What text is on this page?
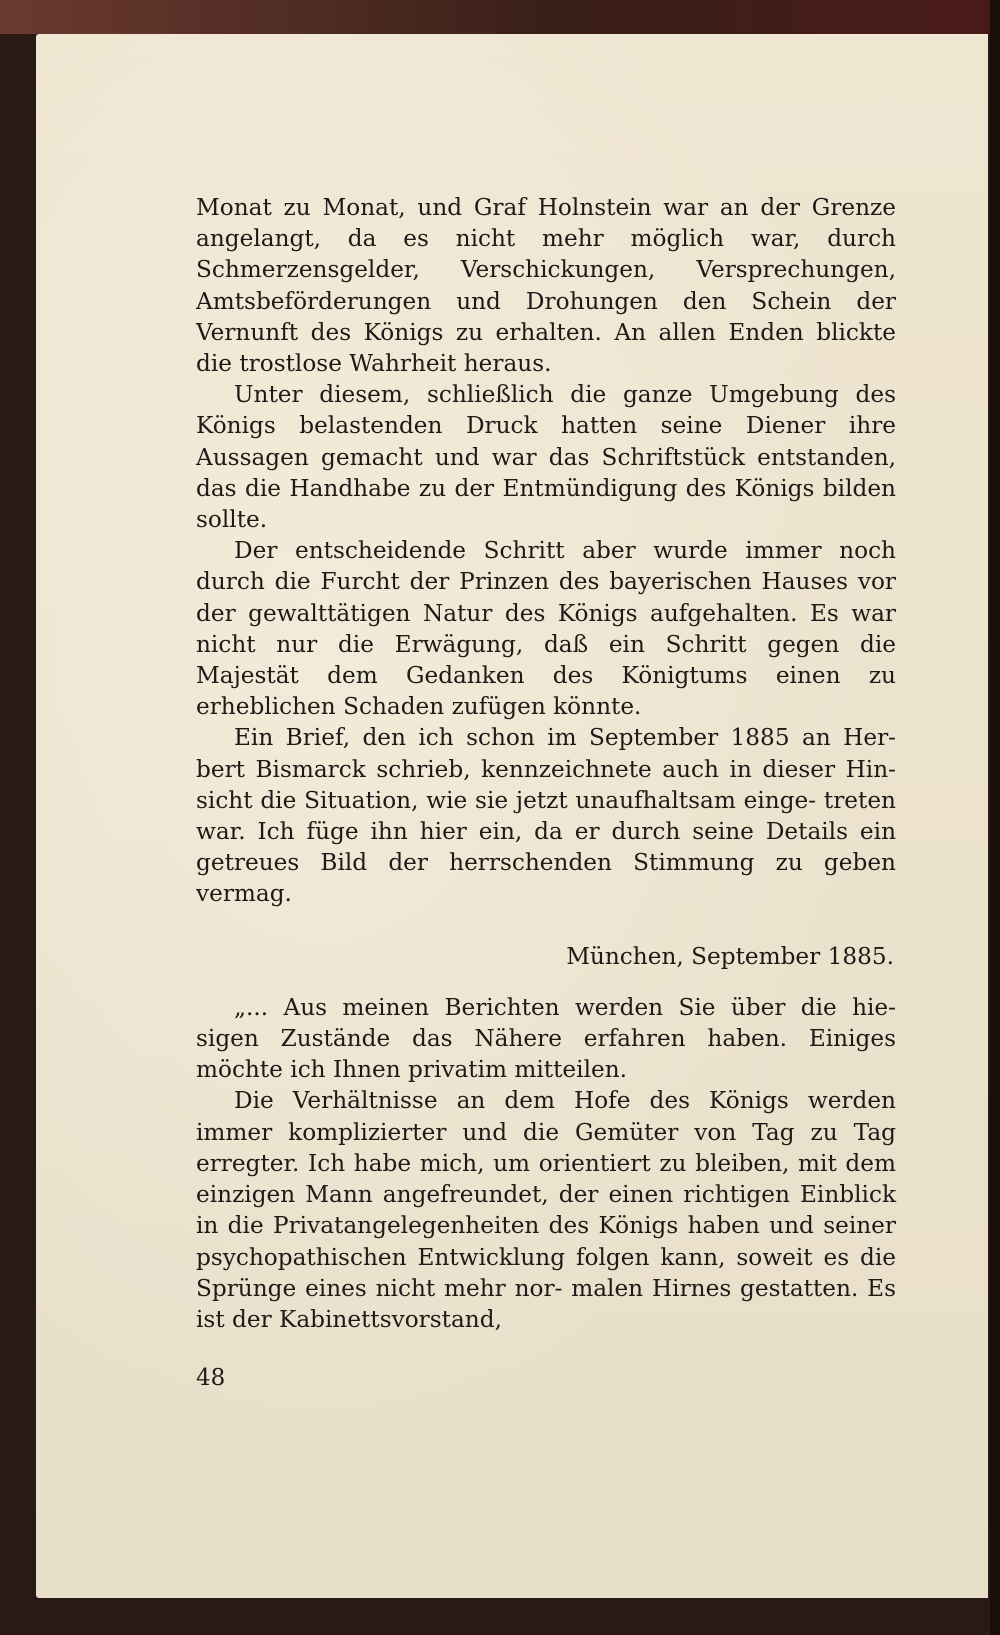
Monat zu Monat, und Graf Holnstein war an der Grenze angelangt, da es nicht mehr möglich war, durch Schmerzensgelder, Verschickungen, Versprechungen, Amtsbeförderungen und Drohungen den Schein der Vernunft des Königs zu erhalten. An allen Enden blickte die trostlose Wahrheit heraus.

Unter diesem, schließlich die ganze Umgebung des Königs belastenden Druck hatten seine Diener ihre Aussagen gemacht und war das Schriftstück entstanden, das die Handhabe zu der Entmündigung des Königs bilden sollte.

Der entscheidende Schritt aber wurde immer noch durch die Furcht der Prinzen des bayerischen Hauses vor der gewalttätigen Natur des Königs aufgehalten. Es war nicht nur die Erwägung, daß ein Schritt gegen die Majestät dem Gedanken des Königtums einen zu erheblichen Schaden zufügen könnte.

Ein Brief, den ich schon im September 1885 an Her- bert Bismarck schrieb, kennzeichnete auch in dieser Hin- sicht die Situation, wie sie jetzt unaufhaltsam einge- treten war. Ich füge ihn hier ein, da er durch seine Details ein getreues Bild der herrschenden Stimmung zu geben vermag.

München, September 1885.

„... Aus meinen Berichten werden Sie über die hie- sigen Zustände das Nähere erfahren haben. Einiges möchte ich Ihnen privatim mitteilen.

Die Verhältnisse an dem Hofe des Königs werden immer komplizierter und die Gemüter von Tag zu Tag erregter. Ich habe mich, um orientiert zu bleiben, mit dem einzigen Mann angefreundet, der einen richtigen Einblick in die Privatangelegenheiten des Königs haben und seiner psychopathischen Entwicklung folgen kann, soweit es die Sprünge eines nicht mehr nor- malen Hirnes gestatten. Es ist der Kabinettsvorstand,

48
